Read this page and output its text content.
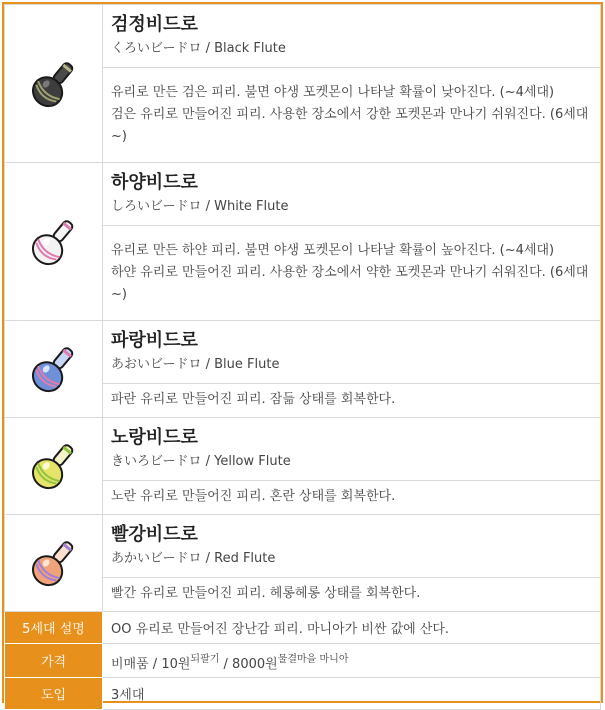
검정비드로
くろいビードロ / Black Flute

	유리로 만든 검은 피리. 불면 야생 포켓몬이 나타날 확률이 낮아진다. (~4세대)
검은 유리로 만들어진 피리. 사용한 장소에서 강한 포켓몬과 만나기 쉬워진다. (6세대~)

하양비드로
しろいビードロ / White Flute

	유리로 만든 하얀 피리. 불면 야생 포켓몬이 나타날 확률이 높아진다. (~4세대)
하얀 유리로 만들어진 피리. 사용한 장소에서 약한 포켓몬과 만나기 쉬워진다. (6세대~)

파랑비드로
あおいビードロ / Blue Flute

	파란 유리로 만들어진 피리. 잠듦 상태를 회복한다.

노랑비드로
きいろビードロ / Yellow Flute

	노란 유리로 만들어진 피리. 혼란 상태를 회복한다.

빨강비드로
あかいビードロ / Red Flute

	빨간 유리로 만들어진 피리. 헤롱헤롱 상태를 회복한다.

5세대 설명	OO 유리로 만들어진 장난감 피리. 마니아가 비싼 값에 산다.
가격	비매품 / 10원$^{되팔기}$ / 8000원$^{물결마을 마니아}$
도입	3세대
